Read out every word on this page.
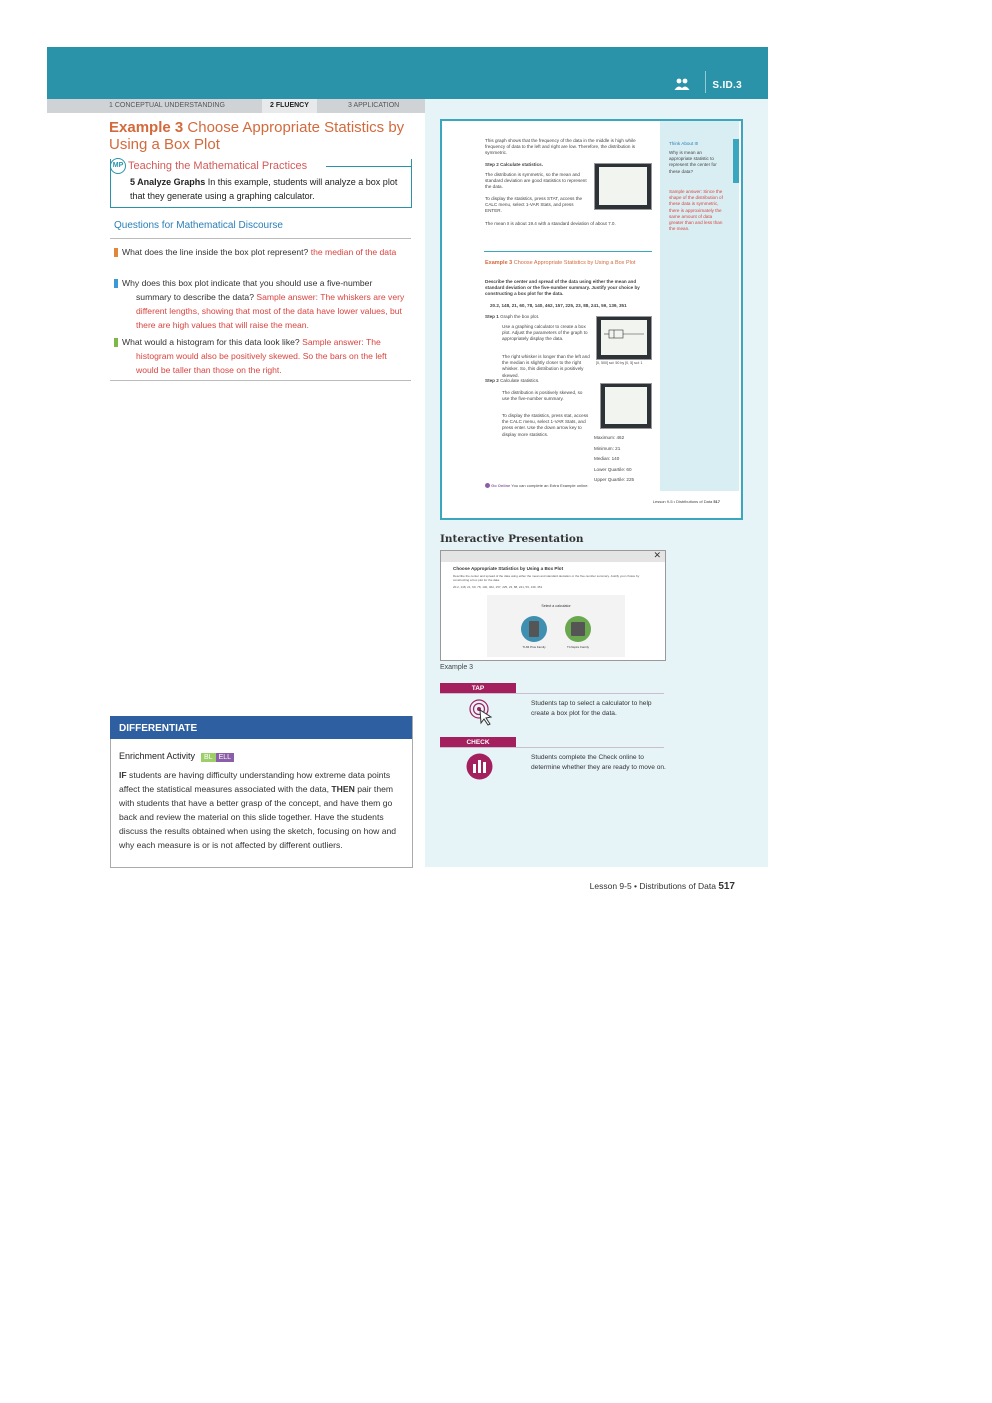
S.ID.3
1 CONCEPTUAL UNDERSTANDING	2 FLUENCY	3 APPLICATION
Example 3 Choose Appropriate Statistics by Using a Box Plot
MP Teaching the Mathematical Practices
5 Analyze Graphs In this example, students will analyze a box plot that they generate using a graphing calculator.
Questions for Mathematical Discourse
AL What does the line inside the box plot represent? the median of the data
OL Why does this box plot indicate that you should use a five-number summary to describe the data? Sample answer: The whiskers are very different lengths, showing that most of the data have lower values, but there are high values that will raise the mean.
BL What would a histogram for this data look like? Sample answer: The histogram would also be positively skewed. So the bars on the left would be taller than those on the right.
DIFFERENTIATE
Enrichment Activity BL ELL
IF students are having difficulty understanding how extreme data points affect the statistical measures associated with the data, THEN pair them with students that have a better grasp of the concept, and have them go back and review the material on this slide together. Have the students discuss the results obtained when using the sketch, focusing on how and why each measure is or is not affected by different outliers.
This graph shows that the frequency of the data in the middle is high while frequency of data to the left and right are low. Therefore, the distribution is symmetric.
Step 2 Calculate statistics.
The distribution is symmetric, so the mean and standard deviation are good statistics to represent the data.
To display the statistics, press STAT, access the CALC menu, select 1-VAR Stats, and press ENTER.
The mean x̄ is about 19.4 with a standard deviation of about 7.0.
Think About It!
Why is mean an appropriate statistic to represent the center for these data?
Sample answer: Since the shape of the distribution of these data is symmetric, there is approximately the same amount of data greater than and less than the mean.
Example 3 Choose Appropriate Statistics by Using a Box Plot
Describe the center and spread of the data using either the mean and standard deviation or the five-number summary. Justify your choice by constructing a box plot for the data.
20.2, 148, 21, 60, 78, 140, 462, 157, 225, 23, 88, 241, 59, 139, 351
Step 1 Graph the box plot.
Use a graphing calculator to create a box plot. Adjust the parameters of the graph to appropriately display the data.
The right whisker is longer than the left and the median is slightly closer to the right whisker. So, this distribution is positively skewed.
[0, 500] scl: 50 by [0, 5] scl: 1
Step 2 Calculate statistics.
The distribution is positively skewed, so use the five-number summary.
To display the statistics, press stat, access the CALC menu, select 1-VAR Stats, and press enter. Use the down arrow key to display more statistics.
Maximum: 462
Minimum: 21
Median: 140
Lower Quartile: 60
Upper Quartile: 225
Go Online You can complete an Extra Example online.
Lesson 9-5 • Distributions of Data 517
Interactive Presentation
✕
Choose Appropriate Statistics by Using a Box Plot
Describe the center and spread of the data using either the mean and standard deviation or the five-number summary. Justify your choice by constructing a box plot for the data.
20.2, 148, 21, 60, 78, 140, 462, 157, 225, 23, 88, 241, 59, 139, 351
Select a calculator
TI-84 Plus Family	TI-Nspire Family
Example 3
TAP
Students tap to select a calculator to help create a box plot for the data.
CHECK
Students complete the Check online to determine whether they are ready to move on.
Lesson 9-5 • Distributions of Data 517
